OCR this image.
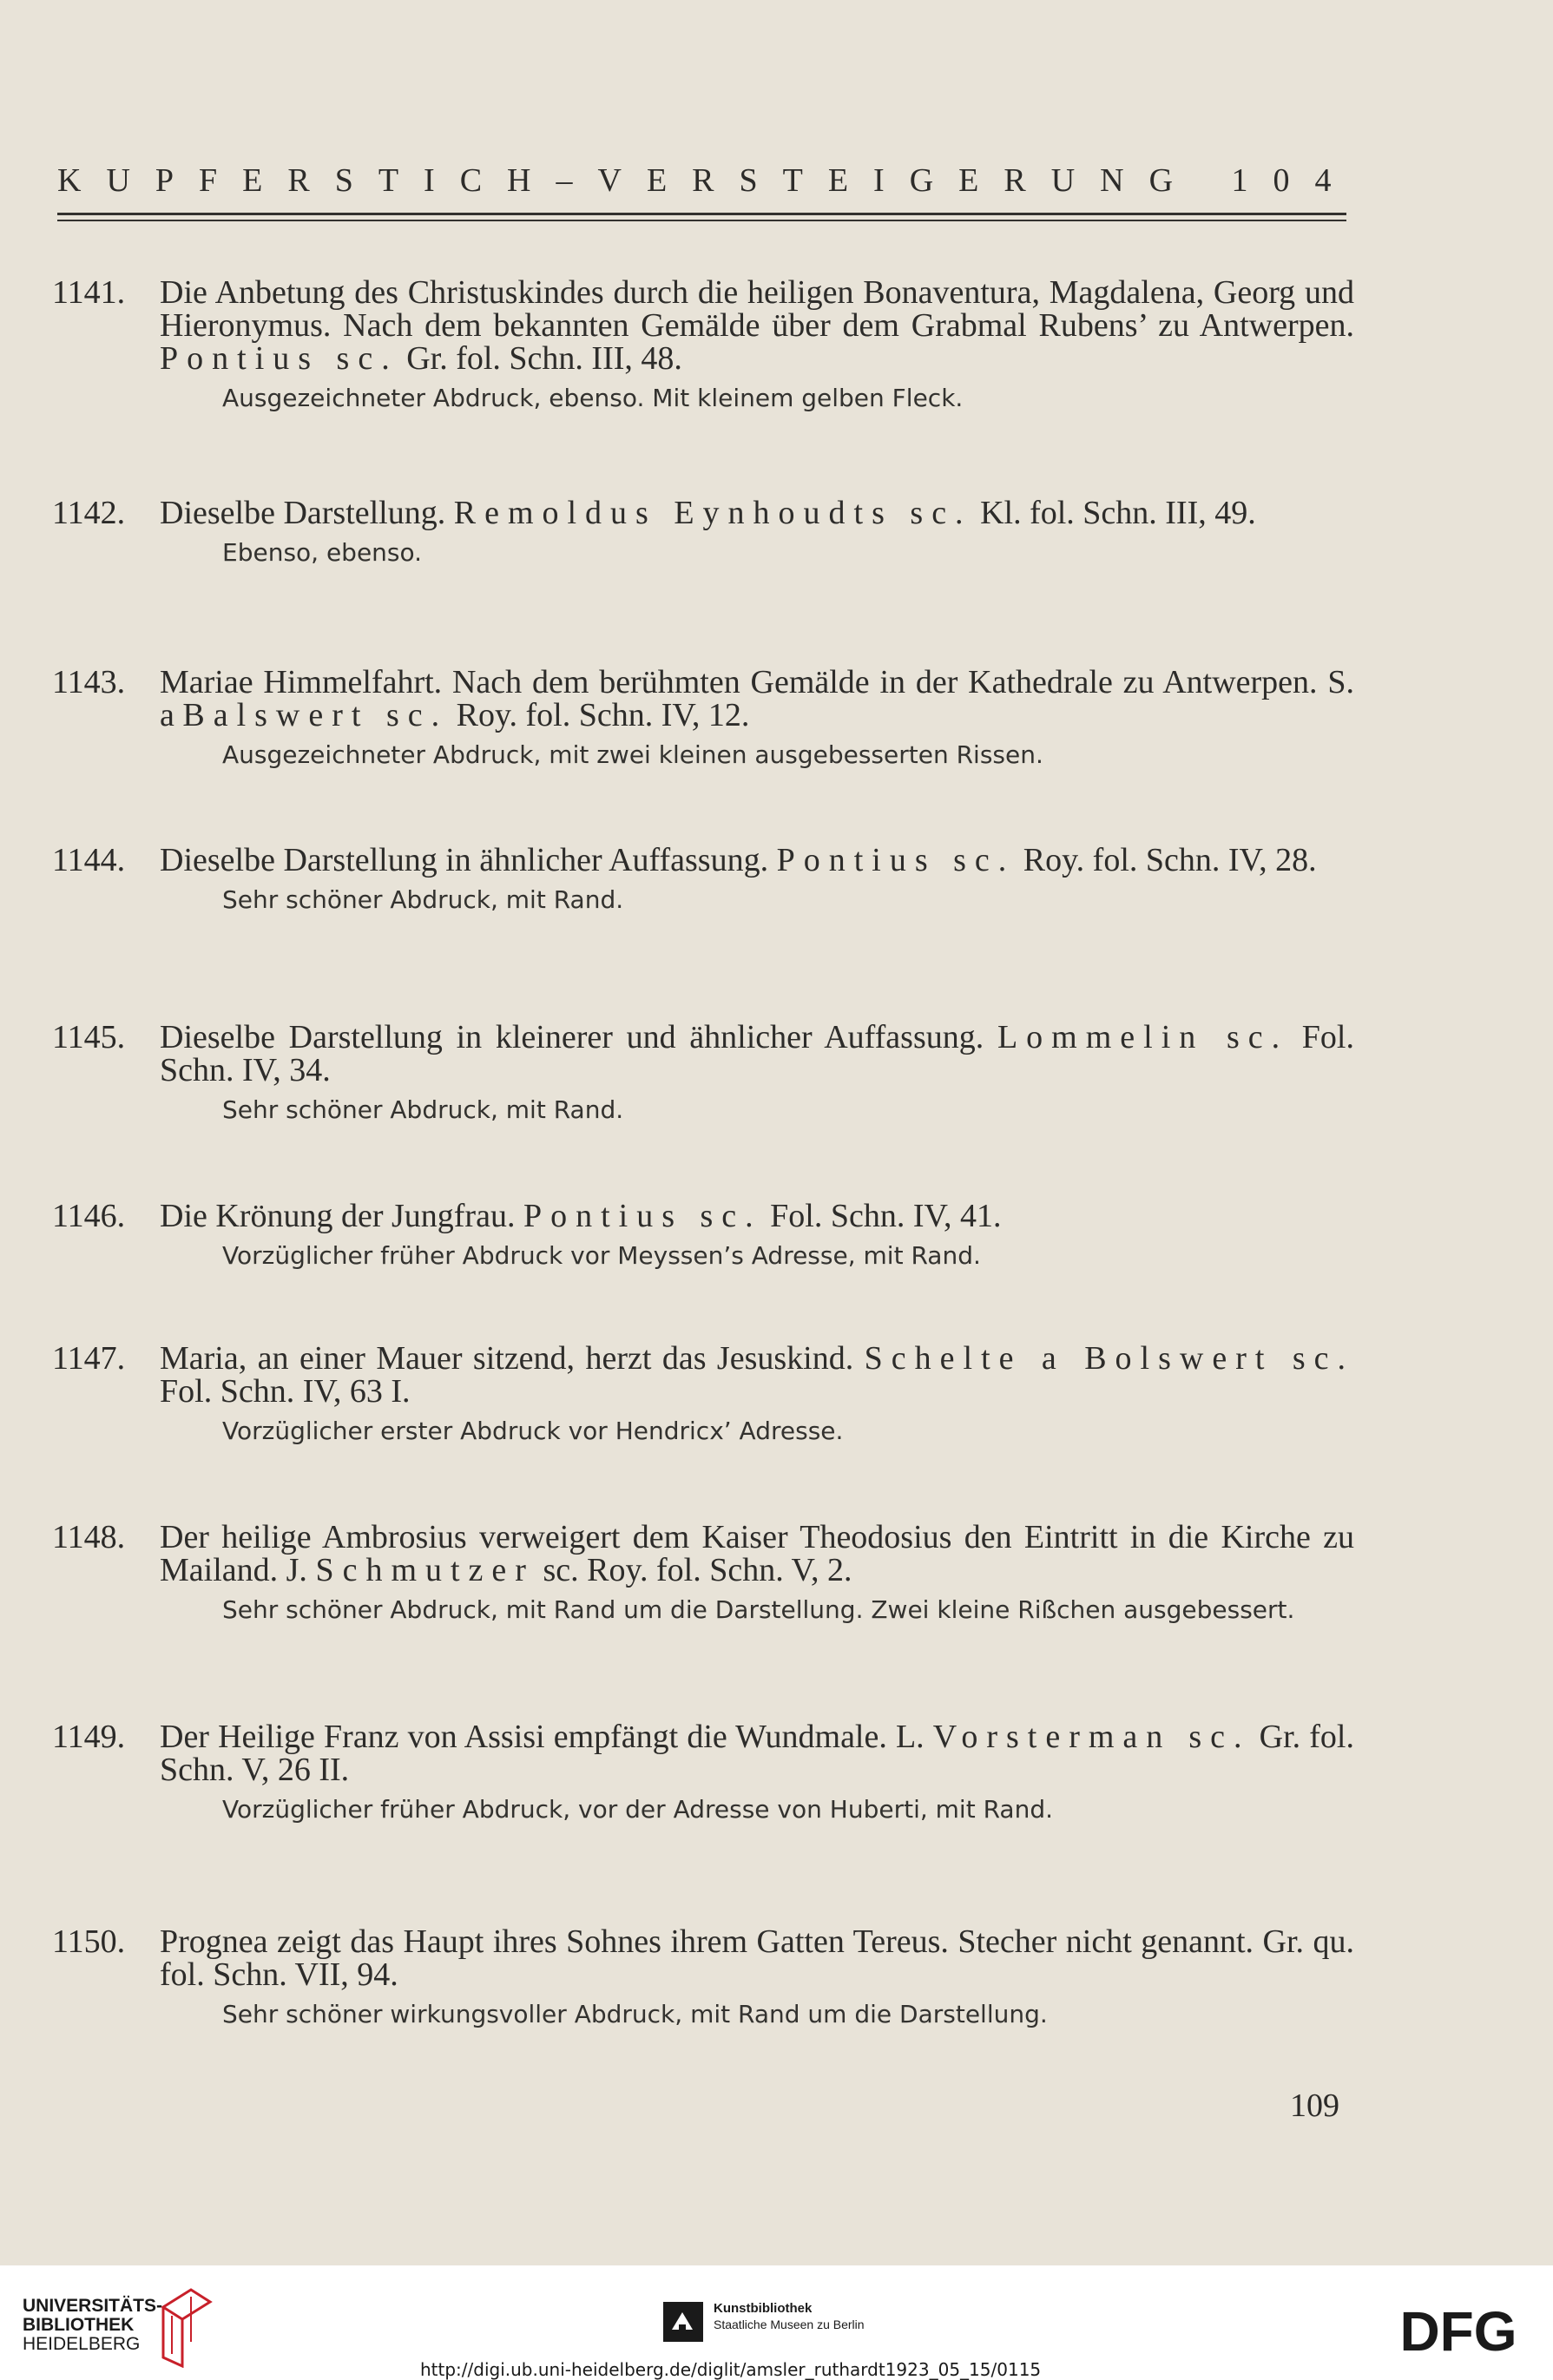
KUPFERSTICH–VERSTEIGERUNG 104
1141.	Die Anbetung des Christuskindes durch die heiligen Bonaventura, Magdalena, Georg und Hieronymus. Nach dem bekannten Gemälde über dem Grabmal Rubens’ zu Antwerpen. Pontius sc. Gr. fol. Schn. III, 48.
Ausgezeichneter Abdruck, ebenso. Mit kleinem gelben Fleck.
1142.	Dieselbe Darstellung. Remoldus Eynhoudts sc. Kl. fol. Schn. III, 49.
Ebenso, ebenso.
1143.	Mariae Himmelfahrt. Nach dem berühmten Gemälde in der Kathedrale zu Antwerpen. S. a Balswert sc. Roy. fol. Schn. IV, 12.
Ausgezeichneter Abdruck, mit zwei kleinen ausgebesserten Rissen.
1144.	Dieselbe Darstellung in ähnlicher Auffassung. Pontius sc. Roy. fol. Schn. IV, 28.
Sehr schöner Abdruck, mit Rand.
1145.	Dieselbe Darstellung in kleinerer und ähnlicher Auffassung. Lommelin sc. Fol. Schn. IV, 34.
Sehr schöner Abdruck, mit Rand.
1146.	Die Krönung der Jungfrau. Pontius sc. Fol. Schn. IV, 41.
Vorzüglicher früher Abdruck vor Meyssen’s Adresse, mit Rand.
1147.	Maria, an einer Mauer sitzend, herzt das Jesuskind. Schelte a Bolswert sc. Fol. Schn. IV, 63 I.
Vorzüglicher erster Abdruck vor Hendricx’ Adresse.
1148.	Der heilige Ambrosius verweigert dem Kaiser Theodosius den Eintritt in die Kirche zu Mailand. J. Schmutzer sc. Roy. fol. Schn. V, 2.
Sehr schöner Abdruck, mit Rand um die Darstellung. Zwei kleine Rißchen ausgebessert.
1149.	Der Heilige Franz von Assisi empfängt die Wundmale. L. Vorsterman sc. Gr. fol. Schn. V, 26 II.
Vorzüglicher früher Abdruck, vor der Adresse von Huberti, mit Rand.
1150.	Prognea zeigt das Haupt ihres Sohnes ihrem Gatten Tereus. Stecher nicht genannt. Gr. qu. fol. Schn. VII, 94.
Sehr schöner wirkungsvoller Abdruck, mit Rand um die Darstellung.
109
UNIVERSITÄTS-
BIBLIOTHEK
HEIDELBERG
Kunstbibliothek
Staatliche Museen zu Berlin	DFG
http://digi.ub.uni-heidelberg.de/diglit/amsler_ruthardt1923_05_15/0115
